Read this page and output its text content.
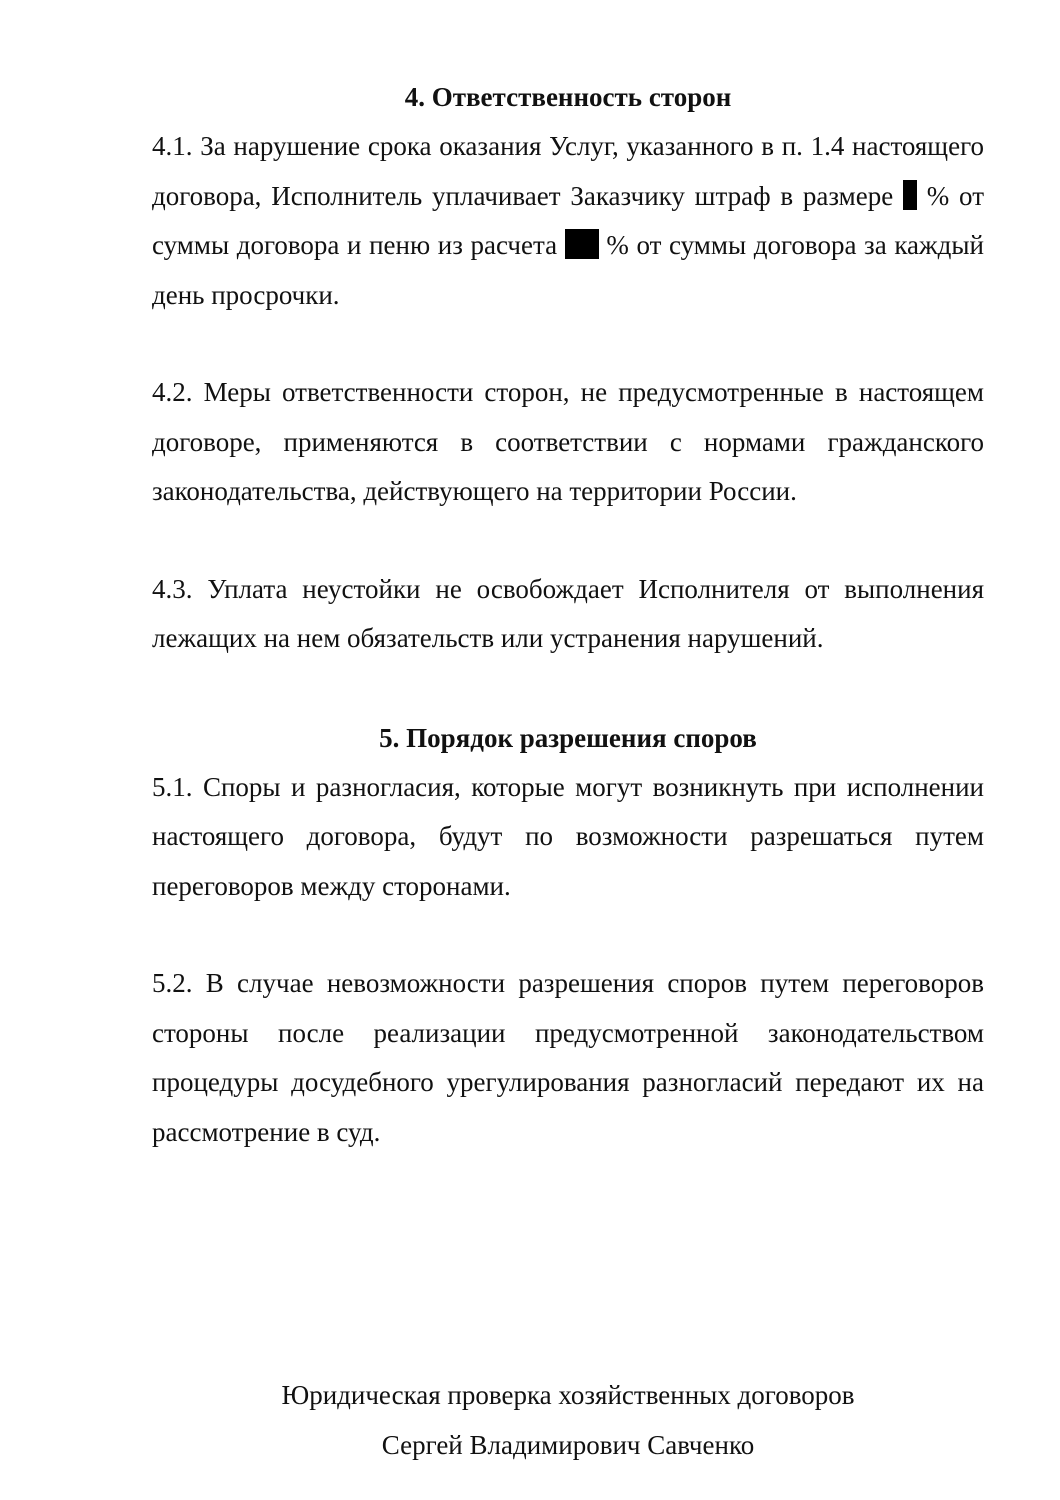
4. Ответственность сторон

4.1. За нарушение срока оказания Услуг, указанного в п. 1.4 настоящего договора, Исполнитель уплачивает Заказчику штраф в размере % от суммы договора и пеню из расчета % от суммы договора за каждый день просрочки.

4.2. Меры ответственности сторон, не предусмотренные в настоящем договоре, применяются в соответствии с нормами гражданского законодательства, действующего на территории России.

4.3. Уплата неустойки не освобождает Исполнителя от выполнения лежащих на нем обязательств или устранения нарушений.

5. Порядок разрешения споров

5.1. Споры и разногласия, которые могут возникнуть при исполнении настоящего договора, будут по возможности разрешаться путем переговоров между сторонами.

5.2. В случае невозможности разрешения споров путем переговоров стороны после реализации предусмотренной законодательством процедуры досудебного урегулирования разногласий передают их на рассмотрение в суд.

Юридическая проверка хозяйственных договоров
Сергей Владимирович Савченко
